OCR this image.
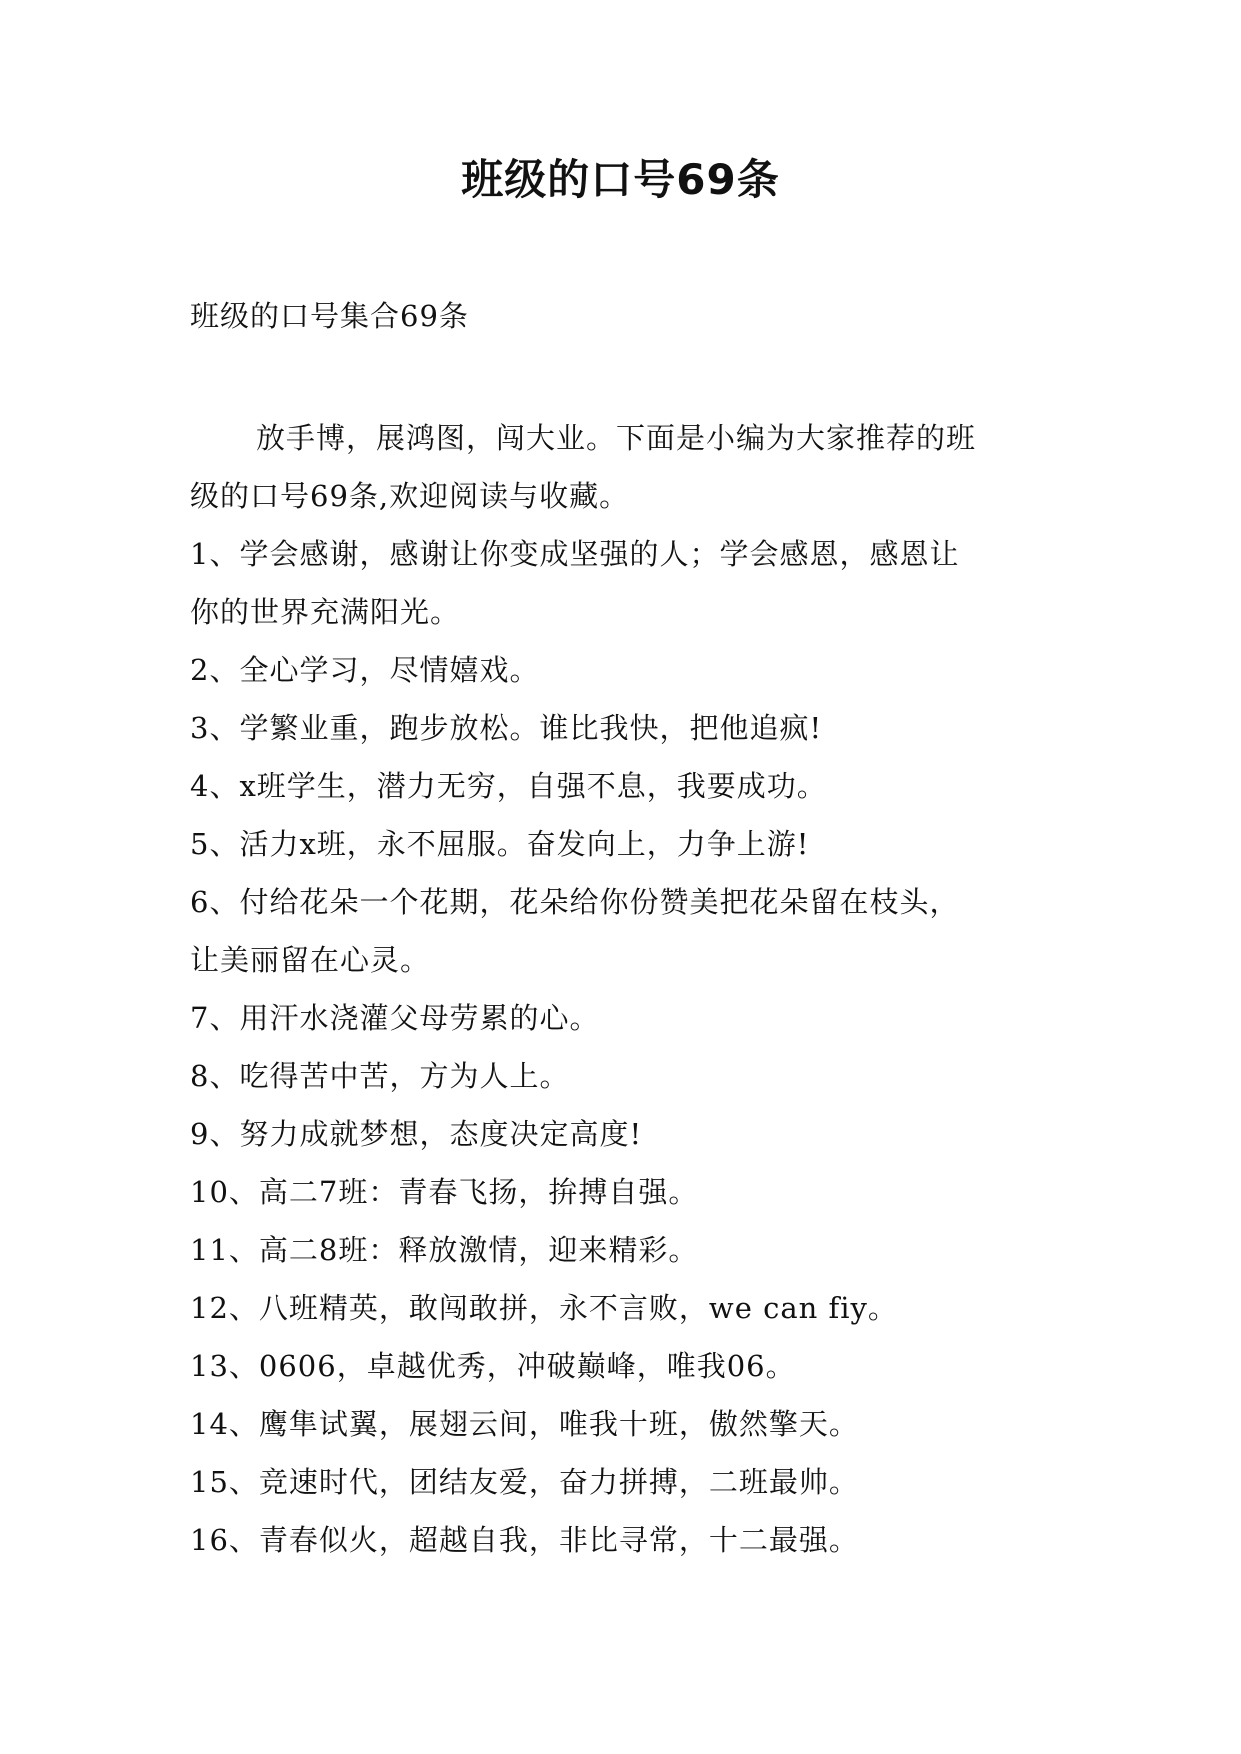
班级的口号69条
班级的口号集合69条

放手博，展鸿图，闯大业。下面是小编为大家推荐的班

级的口号69条,欢迎阅读与收藏。

1、学会感谢，感谢让你变成坚强的人；学会感恩，感恩让

你的世界充满阳光。

2、全心学习，尽情嬉戏。

3、学繁业重，跑步放松。谁比我快，把他追疯!

4、x班学生，潜力无穷，自强不息，我要成功。

5、活力x班，永不屈服。奋发向上，力争上游!

6、付给花朵一个花期，花朵给你份赞美把花朵留在枝头，

让美丽留在心灵。

7、用汗水浇灌父母劳累的心。

8、吃得苦中苦，方为人上。

9、努力成就梦想，态度决定高度!

10、高二7班：青春飞扬，拚搏自强。

11、高二8班：释放激情，迎来精彩。

12、八班精英，敢闯敢拼，永不言败，we can fiy。

13、0606，卓越优秀，冲破巅峰，唯我06。

14、鹰隼试翼，展翅云间，唯我十班，傲然擎天。

15、竞速时代，团结友爱，奋力拼搏，二班最帅。

16、青春似火，超越自我，非比寻常，十二最强。
